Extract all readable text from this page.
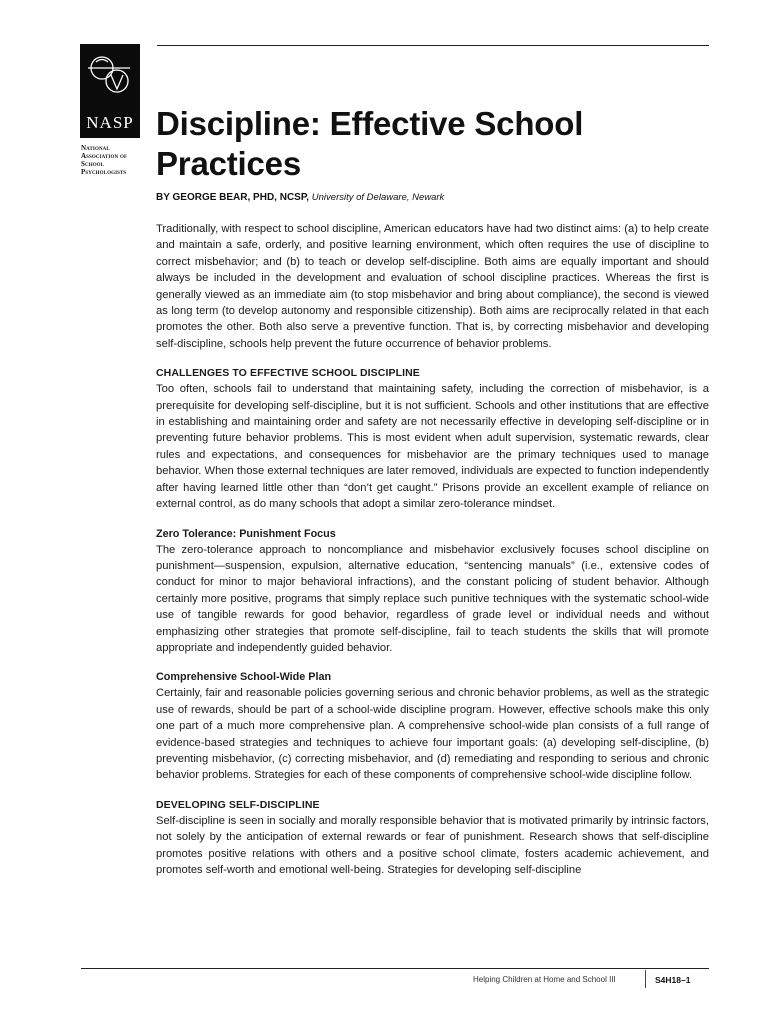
NASP
National
Association of
School
Psychologists
Discipline: Effective School Practices
BY GEORGE BEAR, PHD, NCSP, University of Delaware, Newark

Traditionally, with respect to school discipline, American educators have had two distinct aims: (a) to help create and maintain a safe, orderly, and positive learning environment, which often requires the use of discipline to correct misbehavior; and (b) to teach or develop self-discipline. Both aims are equally important and should always be included in the development and evaluation of school discipline practices. Whereas the first is generally viewed as an immediate aim (to stop misbehavior and bring about compliance), the second is viewed as long term (to develop autonomy and responsible citizenship). Both aims are reciprocally related in that each promotes the other. Both also serve a preventive function. That is, by correcting misbehavior and developing self-discipline, schools help prevent the future occurrence of behavior problems.

CHALLENGES TO EFFECTIVE SCHOOL DISCIPLINE

Too often, schools fail to understand that maintaining safety, including the correction of misbehavior, is a prerequisite for developing self-discipline, but it is not sufficient. Schools and other institutions that are effective in establishing and maintaining order and safety are not necessarily effective in developing self-discipline or in preventing future behavior problems. This is most evident when adult supervision, systematic rewards, clear rules and expectations, and consequences for misbehavior are the primary techniques used to manage behavior. When those external techniques are later removed, individuals are expected to function independently after having learned little other than “don’t get caught.” Prisons provide an excellent example of reliance on external control, as do many schools that adopt a similar zero-tolerance mindset.

Zero Tolerance: Punishment Focus

The zero-tolerance approach to noncompliance and misbehavior exclusively focuses school discipline on punishment—suspension, expulsion, alternative education, “sentencing manuals” (i.e., extensive codes of conduct for minor to major behavioral infractions), and the constant policing of student behavior. Although certainly more positive, programs that simply replace such punitive techniques with the systematic school-wide use of tangible rewards for good behavior, regardless of grade level or individual needs and without emphasizing other strategies that promote self-discipline, fail to teach students the skills that will promote appropriate and independently guided behavior.

Comprehensive School-Wide Plan

Certainly, fair and reasonable policies governing serious and chronic behavior problems, as well as the strategic use of rewards, should be part of a school-wide discipline program. However, effective schools make this only one part of a much more comprehensive plan. A comprehensive school-wide plan consists of a full range of evidence-based strategies and techniques to achieve four important goals: (a) developing self-discipline, (b) preventing misbehavior, (c) correcting misbehavior, and (d) remediating and responding to serious and chronic behavior problems. Strategies for each of these components of comprehensive school-wide discipline follow.

DEVELOPING SELF-DISCIPLINE

Self-discipline is seen in socially and morally responsible behavior that is motivated primarily by intrinsic factors, not solely by the anticipation of external rewards or fear of punishment. Research shows that self-discipline promotes positive relations with others and a positive school climate, fosters academic achievement, and promotes self-worth and emotional well-being. Strategies for developing self-discipline

Helping Children at Home and School III	S4H18–1
